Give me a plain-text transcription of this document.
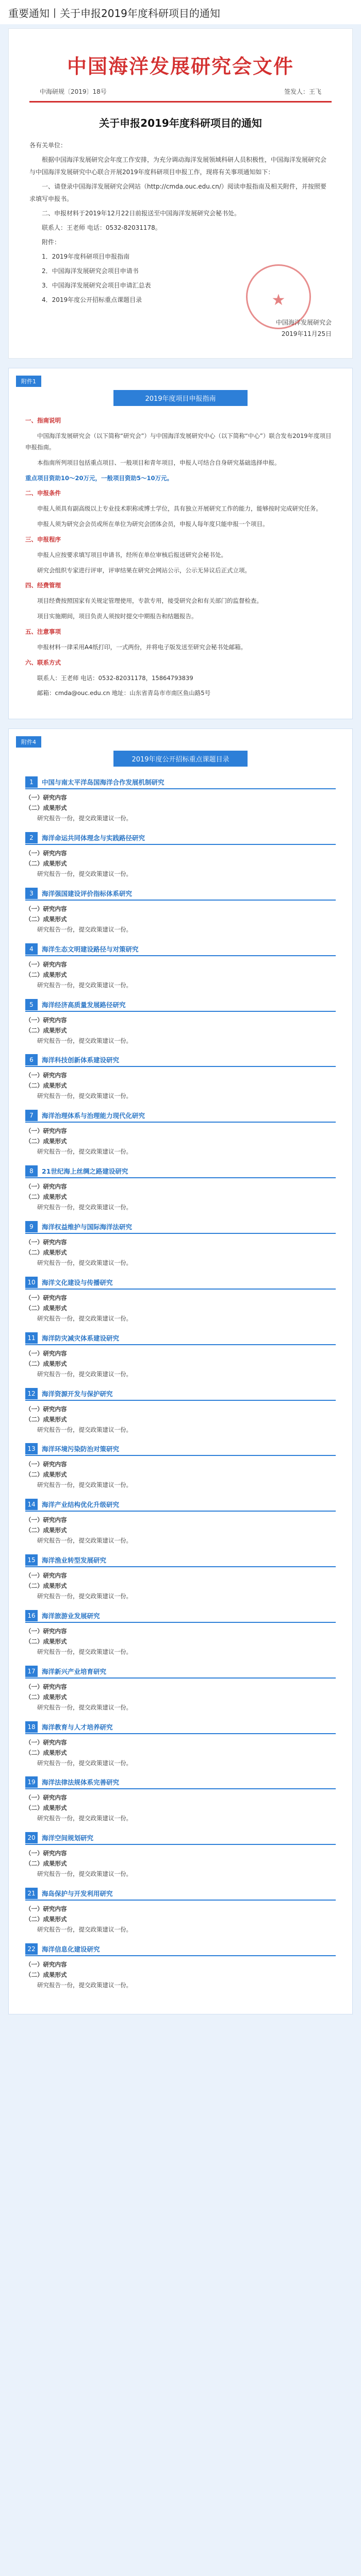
重要通知丨关于申报2019年度科研项目的通知
中国海洋发展研究会文件
中海研规〔2019〕18号	签发人：王飞
关于申报2019年度科研项目的通知

各有关单位：

根据中国海洋发展研究会年度工作安排，为充分调动海洋发展领域科研人员积极性，中国海洋发展研究会与中国海洋发展研究中心联合开展2019年度科研项目申报工作，现将有关事项通知如下：

一、请登录中国海洋发展研究会网站（http://cmda.ouc.edu.cn/）阅读申报指南及相关附件，并按照要求填写申报书。

二、申报材料于2019年12月22日前报送至中国海洋发展研究会秘书处。

联系人：王老师 电话：0532-82031178。

附件：

1．2019年度科研项目申报指南

2．中国海洋发展研究会项目申请书

3．中国海洋发展研究会项目申请汇总表

4．2019年度公开招标重点课题目录

中国海洋发展研究会
2019年11月25日
★
附件1
2019年度项目申报指南

一、指南说明

中国海洋发展研究会（以下简称“研究会”）与中国海洋发展研究中心（以下简称“中心”）联合发布2019年度项目申报指南。

本指南所列项目包括重点项目、一般项目和青年项目，申报人可结合自身研究基础选择申报。

重点项目资助10～20万元，一般项目资助5～10万元。

二、申报条件

申报人须具有副高级以上专业技术职称或博士学位，具有独立开展研究工作的能力，能够按时完成研究任务。

申报人须为研究会会员或所在单位为研究会团体会员，申报人每年度只能申报一个项目。

三、申报程序

申报人应按要求填写项目申请书，经所在单位审核后报送研究会秘书处。

研究会组织专家进行评审，评审结果在研究会网站公示，公示无异议后正式立项。

四、经费管理

项目经费按照国家有关规定管理使用，专款专用，接受研究会和有关部门的监督检查。

项目实施期间，项目负责人须按时提交中期报告和结题报告。

五、注意事项

申报材料一律采用A4纸打印，一式两份，并将电子版发送至研究会秘书处邮箱。

六、联系方式

联系人：王老师 电话：0532-82031178，15864793839

邮箱：cmda@ouc.edu.cn 地址：山东省青岛市市南区鱼山路5号

附件4
2019年度公开招标重点课题目录
1	中国与南太平洋岛国海洋合作发展机制研究
（一）研究内容
（二）成果形式
研究报告一份，提交政策建议一份。
2	海洋命运共同体理念与实践路径研究
（一）研究内容
（二）成果形式
研究报告一份，提交政策建议一份。
3	海洋强国建设评价指标体系研究
（一）研究内容
（二）成果形式
研究报告一份，提交政策建议一份。
4	海洋生态文明建设路径与对策研究
（一）研究内容
（二）成果形式
研究报告一份，提交政策建议一份。
5	海洋经济高质量发展路径研究
（一）研究内容
（二）成果形式
研究报告一份，提交政策建议一份。
6	海洋科技创新体系建设研究
（一）研究内容
（二）成果形式
研究报告一份，提交政策建议一份。
7	海洋治理体系与治理能力现代化研究
（一）研究内容
（二）成果形式
研究报告一份，提交政策建议一份。
8	21世纪海上丝绸之路建设研究
（一）研究内容
（二）成果形式
研究报告一份，提交政策建议一份。
9	海洋权益维护与国际海洋法研究
（一）研究内容
（二）成果形式
研究报告一份，提交政策建议一份。
10 海洋文化建设与传播研究
（一）研究内容
（二）成果形式
研究报告一份，提交政策建议一份。
11 海洋防灾减灾体系建设研究
（一）研究内容
（二）成果形式
研究报告一份，提交政策建议一份。
12 海洋资源开发与保护研究
（一）研究内容
（二）成果形式
研究报告一份，提交政策建议一份。
13 海洋环境污染防治对策研究
（一）研究内容
（二）成果形式
研究报告一份，提交政策建议一份。
14 海洋产业结构优化升级研究
（一）研究内容
（二）成果形式
研究报告一份，提交政策建议一份。
15 海洋渔业转型发展研究
（一）研究内容
（二）成果形式
研究报告一份，提交政策建议一份。
16 海洋旅游业发展研究
（一）研究内容
（二）成果形式
研究报告一份，提交政策建议一份。
17 海洋新兴产业培育研究
（一）研究内容
（二）成果形式
研究报告一份，提交政策建议一份。
18 海洋教育与人才培养研究
（一）研究内容
（二）成果形式
研究报告一份，提交政策建议一份。
19 海洋法律法规体系完善研究
（一）研究内容
（二）成果形式
研究报告一份，提交政策建议一份。
20 海洋空间规划研究
（一）研究内容
（二）成果形式
研究报告一份，提交政策建议一份。
21 海岛保护与开发利用研究
（一）研究内容
（二）成果形式
研究报告一份，提交政策建议一份。
22 海洋信息化建设研究
（一）研究内容
（二）成果形式
研究报告一份，提交政策建议一份。
